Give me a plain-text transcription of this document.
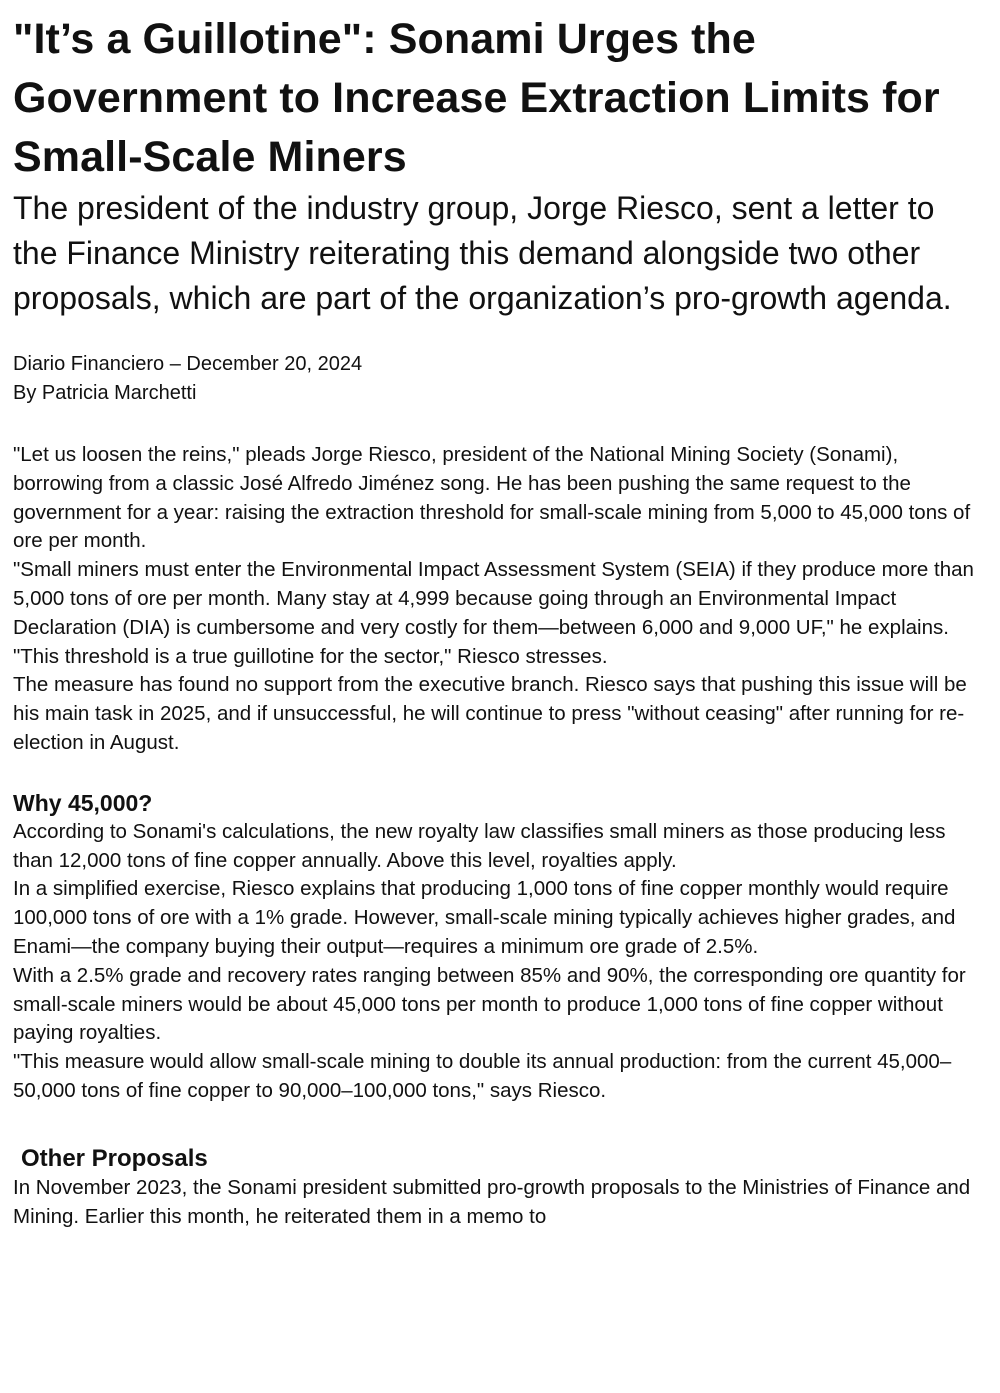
"It’s a Guillotine": Sonami Urges the Government to Increase Extraction Limits for Small-Scale Miners
The president of the industry group, Jorge Riesco, sent a letter to the Finance Ministry reiterating this demand alongside two other proposals, which are part of the organization’s pro-growth agenda.
Diario Financiero – December 20, 2024
By Patricia Marchetti

"Let us loosen the reins," pleads Jorge Riesco, president of the National Mining Society (Sonami), borrowing from a classic José Alfredo Jiménez song. He has been pushing the same request to the government for a year: raising the extraction threshold for small-scale mining from 5,000 to 45,000 tons of ore per month.

"Small miners must enter the Environmental Impact Assessment System (SEIA) if they produce more than 5,000 tons of ore per month. Many stay at 4,999 because going through an Environmental Impact Declaration (DIA) is cumbersome and very costly for them—between 6,000 and 9,000 UF," he explains. "This threshold is a true guillotine for the sector," Riesco stresses.

The measure has found no support from the executive branch. Riesco says that pushing this issue will be his main task in 2025, and if unsuccessful, he will continue to press "without ceasing" after running for re-election in August.

Why 45,000?

According to Sonami's calculations, the new royalty law classifies small miners as those producing less than 12,000 tons of fine copper annually. Above this level, royalties apply.

In a simplified exercise, Riesco explains that producing 1,000 tons of fine copper monthly would require 100,000 tons of ore with a 1% grade. However, small-scale mining typically achieves higher grades, and Enami—the company buying their output—requires a minimum ore grade of 2.5%.

With a 2.5% grade and recovery rates ranging between 85% and 90%, the corresponding ore quantity for small-scale miners would be about 45,000 tons per month to produce 1,000 tons of fine copper without paying royalties.

"This measure would allow small-scale mining to double its annual production: from the current 45,000–50,000 tons of fine copper to 90,000–100,000 tons," says Riesco.

Other Proposals

In November 2023, the Sonami president submitted pro-growth proposals to the Ministries of Finance and Mining. Earlier this month, he reiterated them in a memo to
